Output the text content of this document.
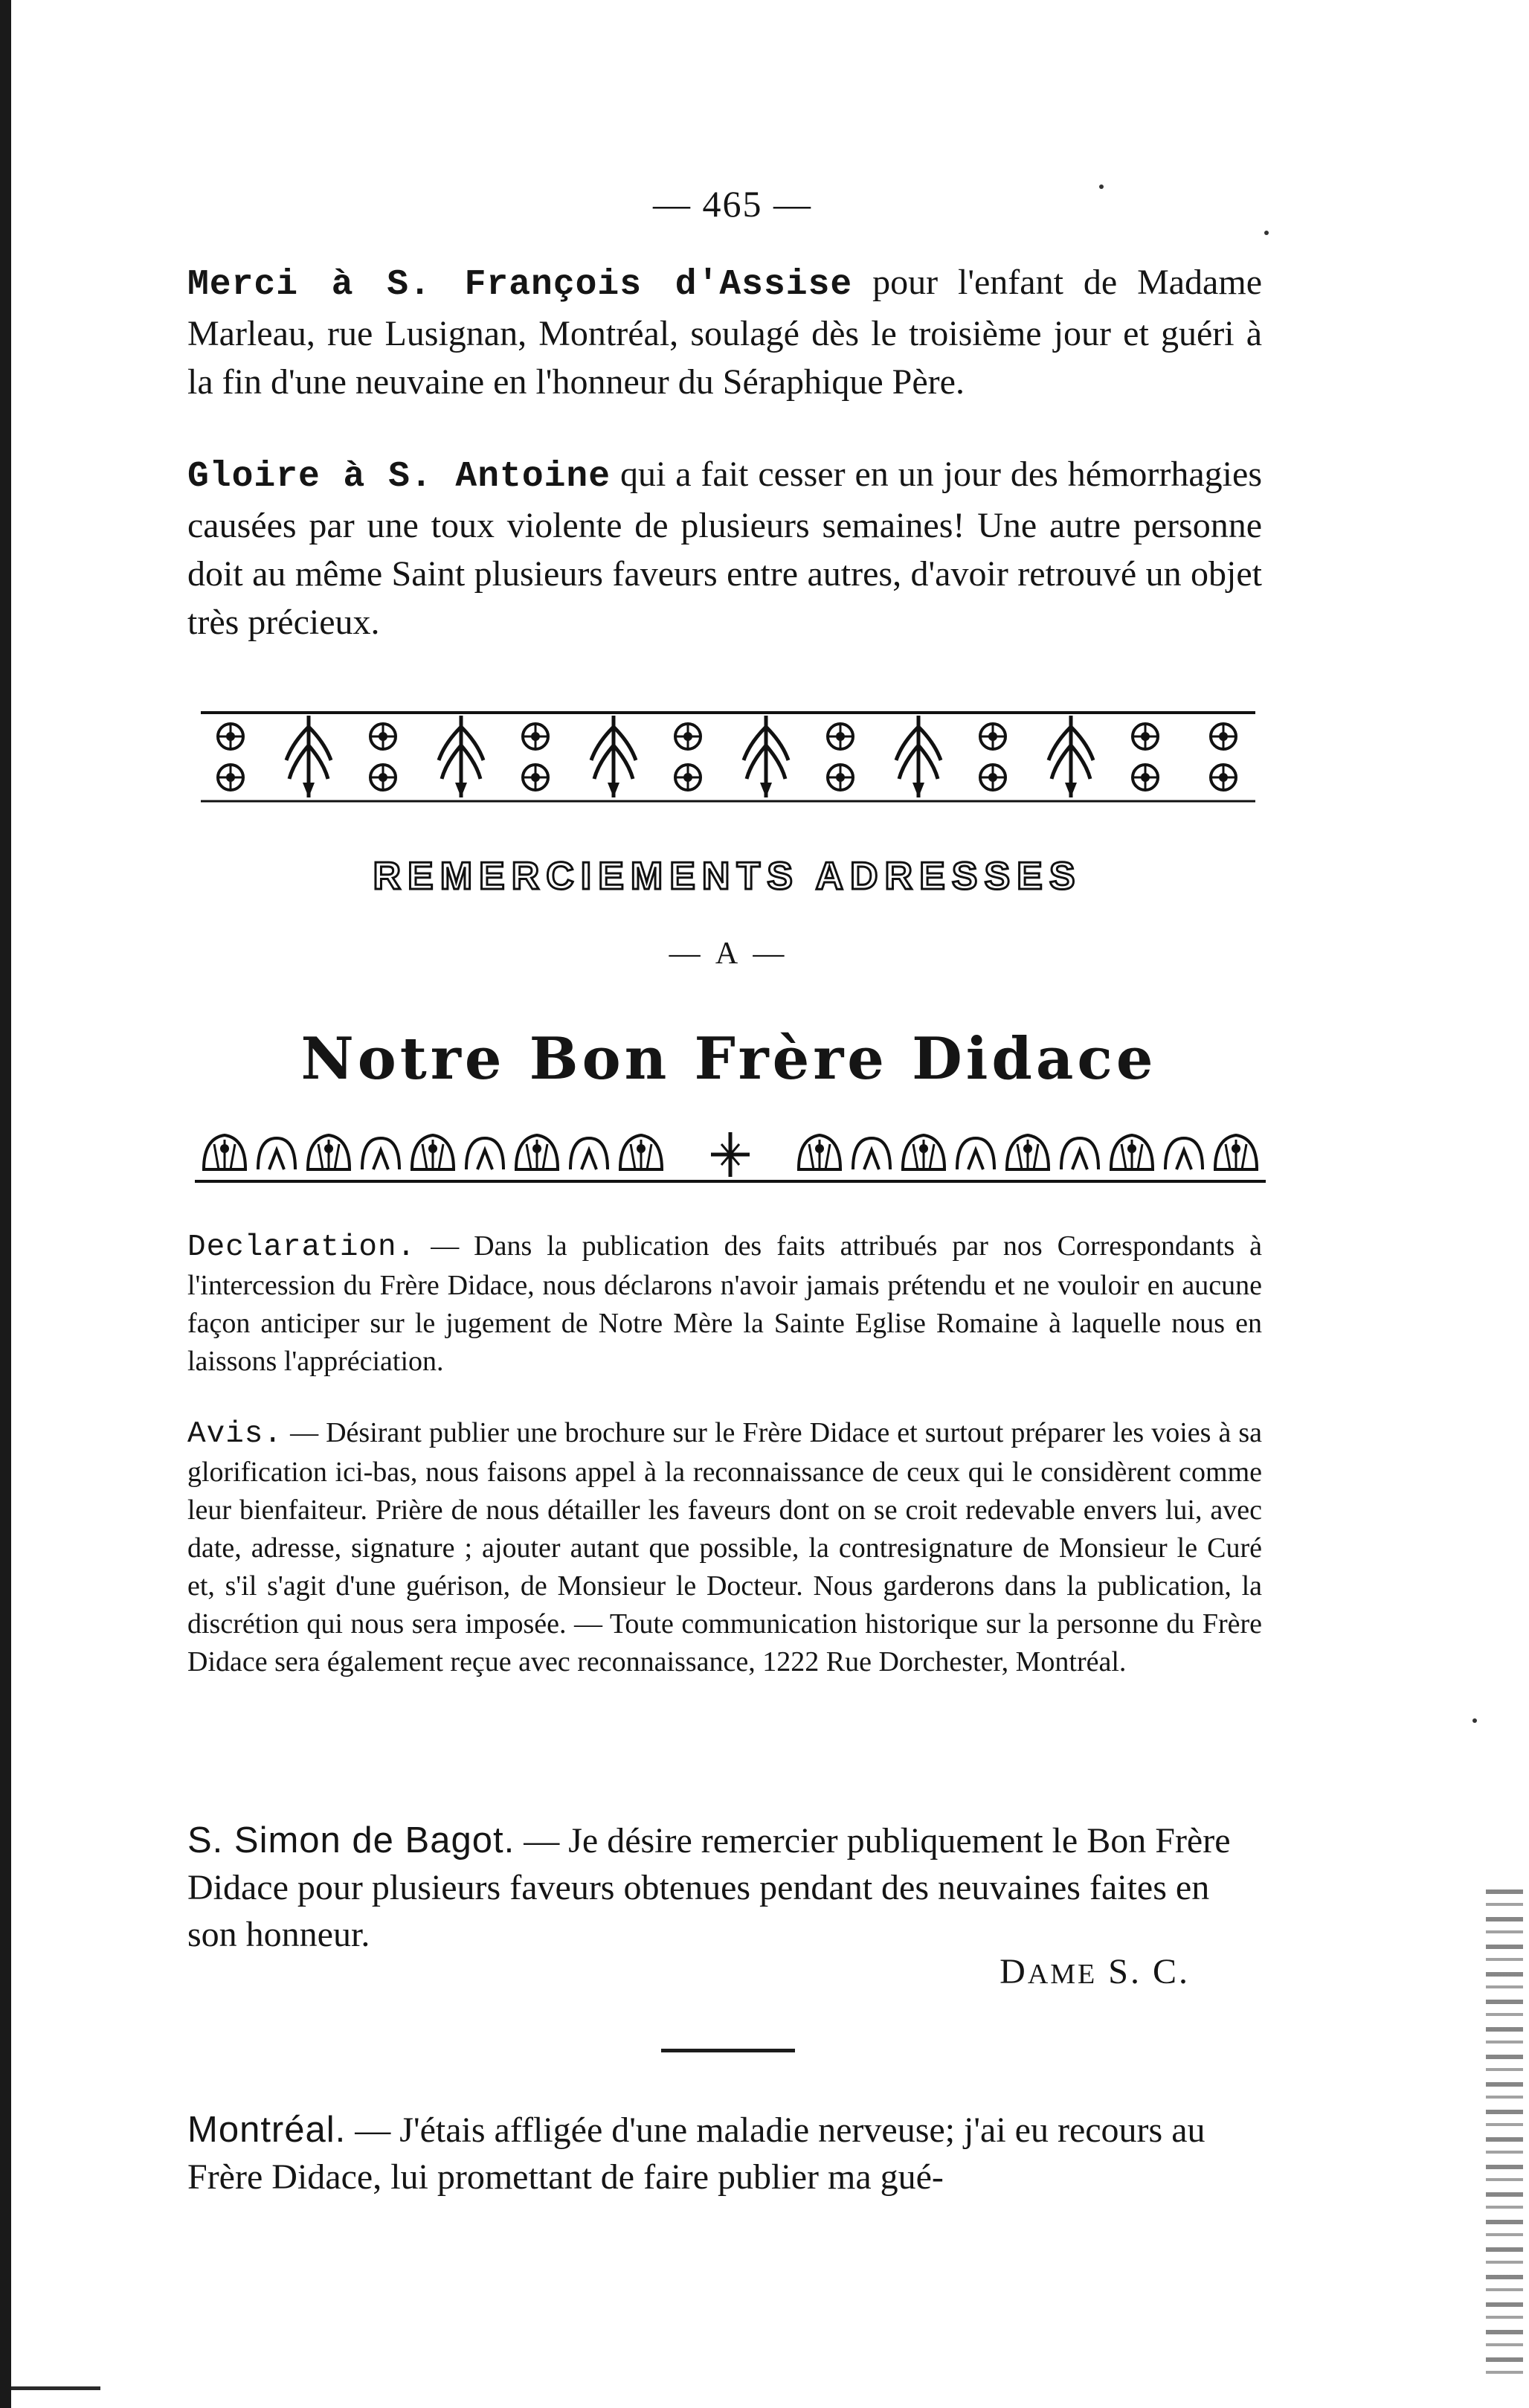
— 465 —

Merci à S. François d'Assise pour l'enfant de Madame Marleau, rue Lusignan, Montréal, soulagé dès le troisième jour et guéri à la fin d'une neuvaine en l'honneur du Séraphique Père.

Gloire à S. Antoine qui a fait cesser en un jour des hémorrhagies causées par une toux violente de plusieurs semaines! Une autre personne doit au même Saint plusieurs faveurs entre autres, d'avoir retrouvé un objet très précieux.

REMERCIEMENTS ADRESSES
— A —
Notre Bon Frère Didace

Declaration. — Dans la publication des faits attribués par nos Correspondants à l'intercession du Frère Didace, nous déclarons n'avoir jamais prétendu et ne vouloir en aucune façon anticiper sur le jugement de Notre Mère la Sainte Eglise Romaine à laquelle nous en laissons l'appréciation.

Avis. — Désirant publier une brochure sur le Frère Didace et surtout préparer les voies à sa glorification ici-bas, nous faisons appel à la reconnaissance de ceux qui le considèrent comme leur bienfaiteur. Prière de nous détailler les faveurs dont on se croit redevable envers lui, avec date, adresse, signature ; ajouter autant que possible, la contresignature de Monsieur le Curé et, s'il s'agit d'une guérison, de Monsieur le Docteur. Nous garderons dans la publication, la discrétion qui nous sera imposée. — Toute communication historique sur la personne du Frère Didace sera également reçue avec reconnaissance, 1222 Rue Dorchester, Montréal.

S. Simon de Bagot. — Je désire remercier publiquement le Bon Frère Didace pour plusieurs faveurs obtenues pendant des neuvaines faites en son honneur.

DAME S. C.

Montréal. — J'étais affligée d'une maladie nerveuse; j'ai eu recours au Frère Didace, lui promettant de faire publier ma gué-
